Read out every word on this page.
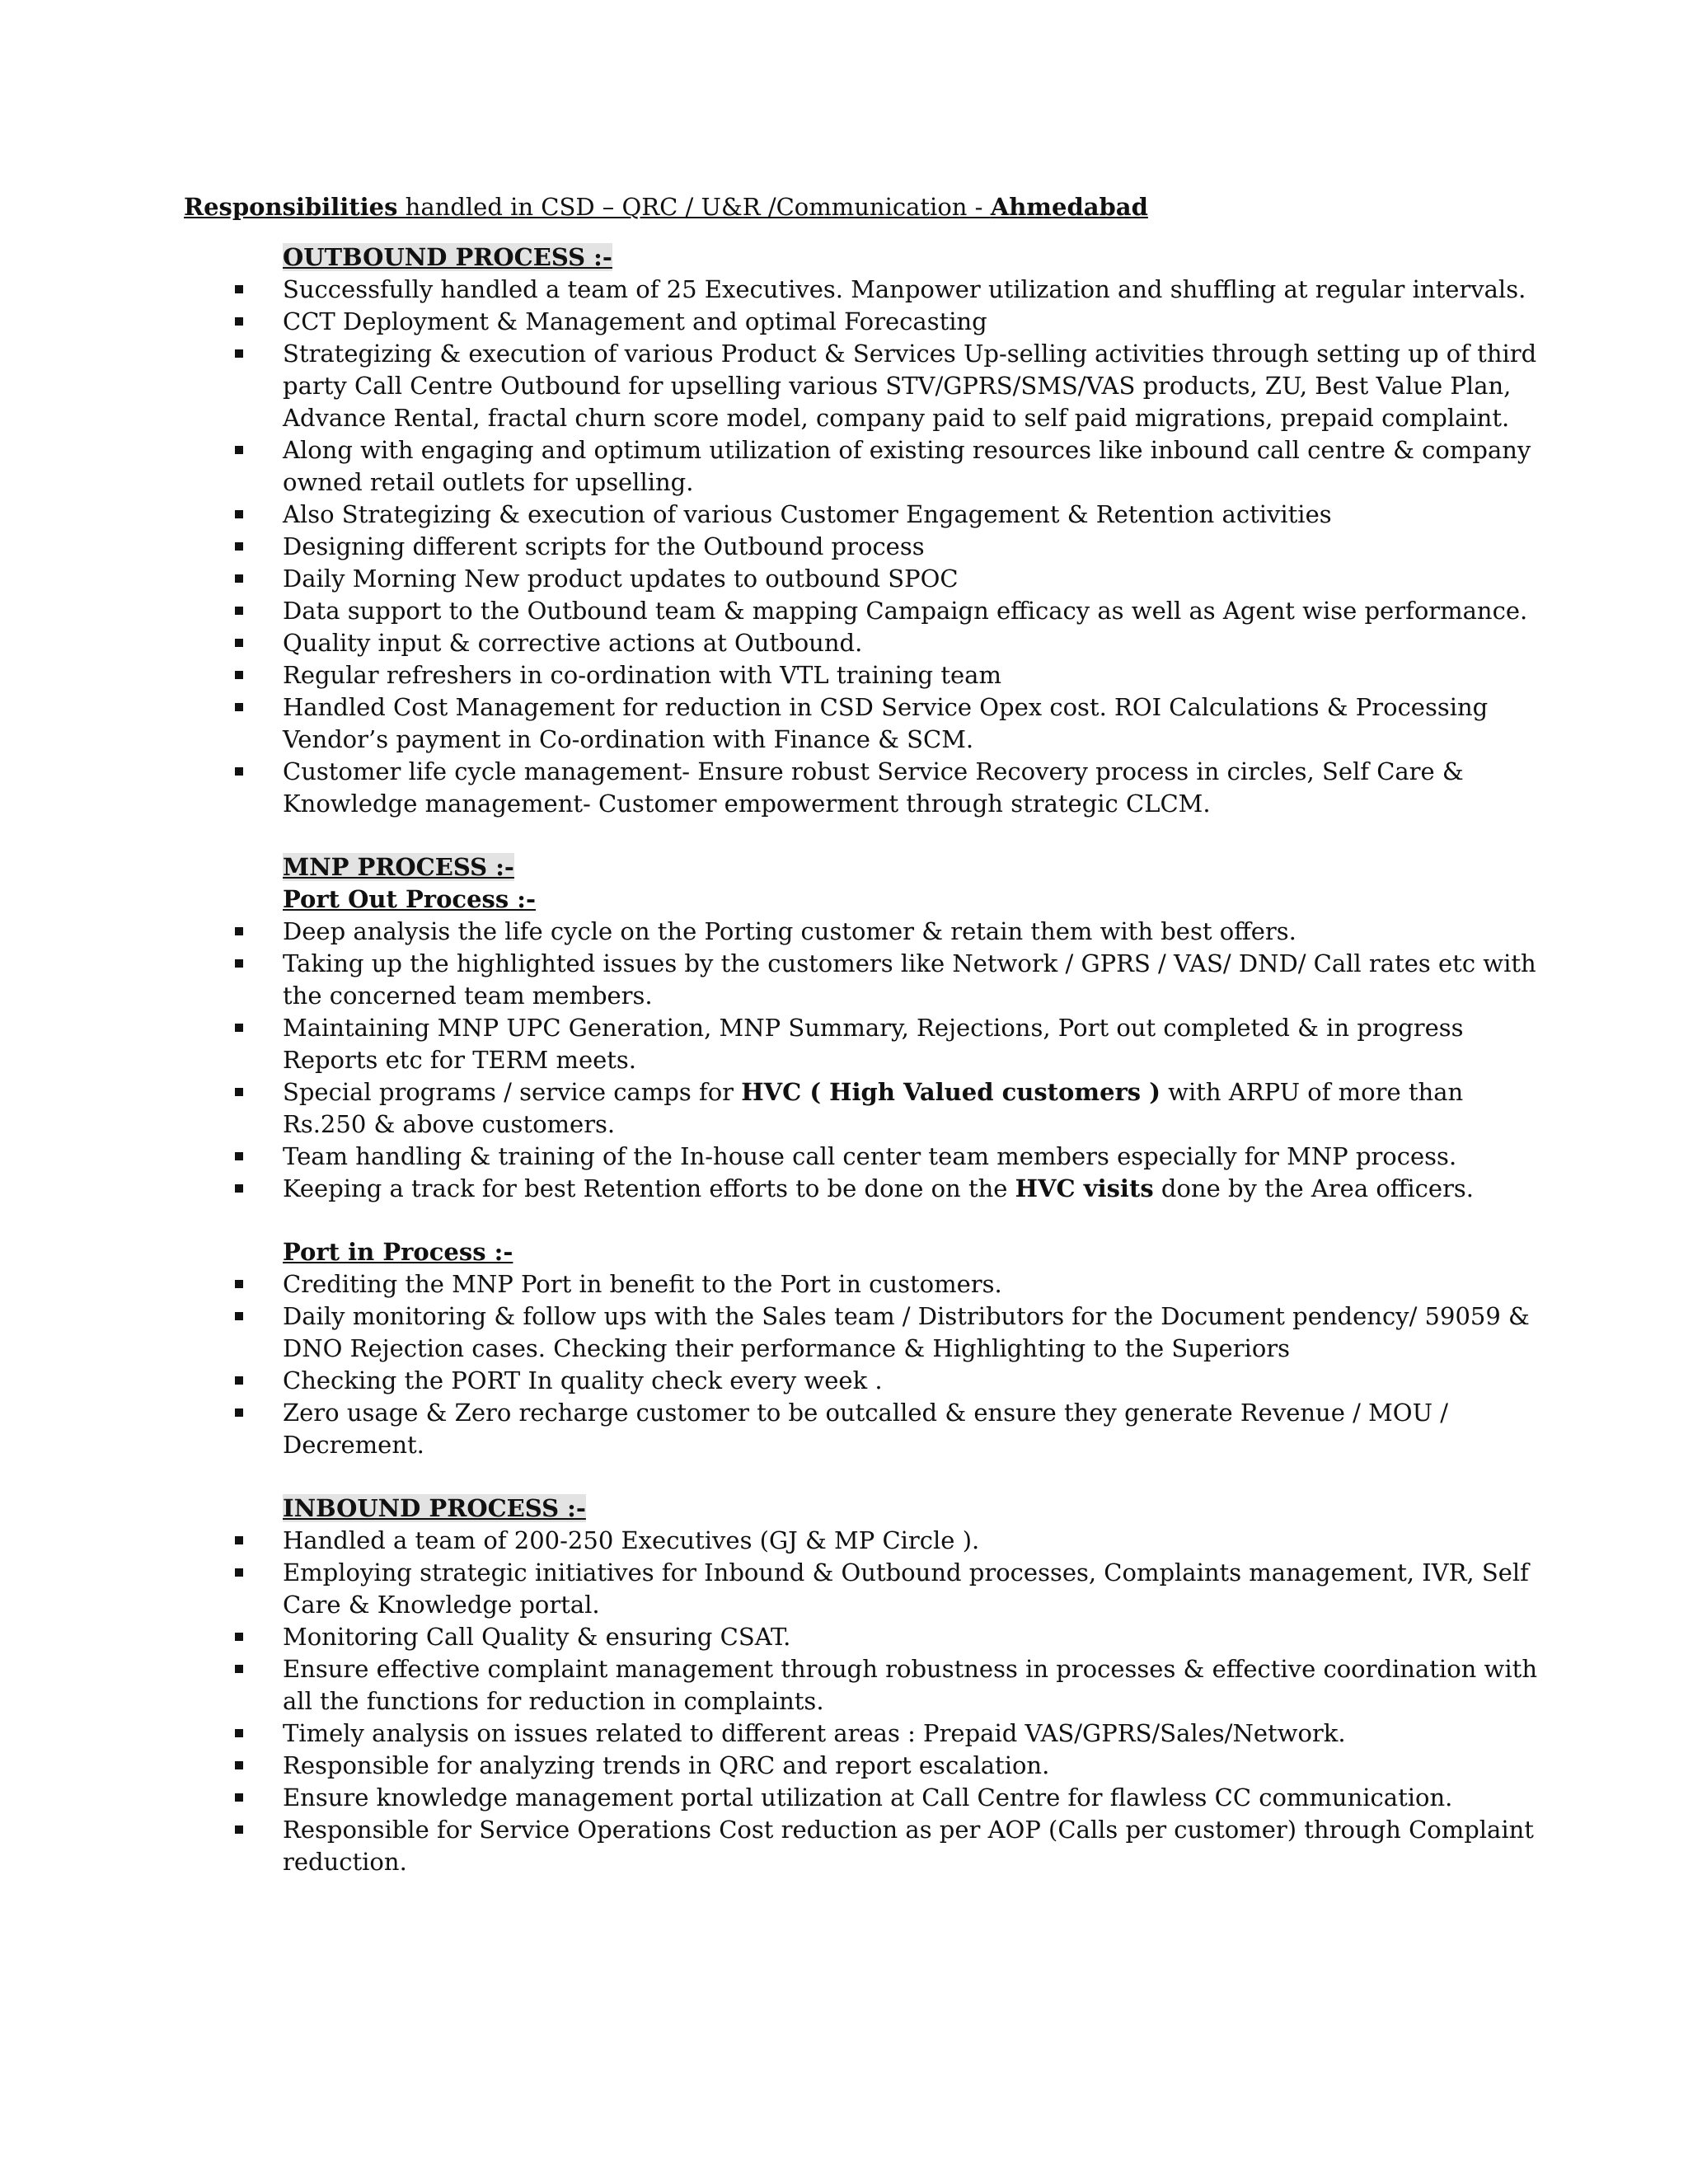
Responsibilities handled in CSD – QRC / U&R /Communication - Ahmedabad
OUTBOUND PROCESS :-
Successfully handled a team of 25 Executives. Manpower utilization and shuffling at regular intervals.
CCT Deployment & Management and optimal Forecasting
Strategizing & execution of various Product & Services Up-selling activities through setting up of third party Call Centre Outbound for upselling various STV/GPRS/SMS/VAS products, ZU, Best Value Plan, Advance Rental, fractal churn score model, company paid to self paid migrations, prepaid complaint.
Along with engaging and optimum utilization of existing resources like inbound call centre & company owned retail outlets for upselling.
Also Strategizing & execution of various Customer Engagement & Retention activities
Designing different scripts for the Outbound process
Daily Morning New product updates to outbound SPOC
Data support to the Outbound team & mapping Campaign efficacy as well as Agent wise performance.
Quality input & corrective actions at Outbound.
Regular refreshers in co-ordination with VTL training team
Handled Cost Management for reduction in CSD Service Opex cost. ROI Calculations & Processing Vendor’s payment in Co-ordination with Finance & SCM.
Customer life cycle management- Ensure robust Service Recovery process in circles, Self Care & Knowledge management- Customer empowerment through strategic CLCM.
MNP PROCESS :-
Port Out Process :-
Deep analysis the life cycle on the Porting customer & retain them with best offers.
Taking up the highlighted issues by the customers like Network / GPRS / VAS/ DND/ Call rates etc with the concerned team members.
Maintaining MNP UPC Generation, MNP Summary, Rejections, Port out completed & in progress Reports etc for TERM meets.
Special programs / service camps for HVC ( High Valued customers ) with ARPU of more than Rs.250 & above customers.
Team handling & training of the In-house call center team members especially for MNP process.
Keeping a track for best Retention efforts to be done on the HVC visits done by the Area officers.
Port in Process :-
Crediting the MNP Port in benefit to the Port in customers.
Daily monitoring & follow ups with the Sales team / Distributors for the Document pendency/ 59059 & DNO Rejection cases. Checking their performance & Highlighting to the Superiors
Checking the PORT In quality check every week .
Zero usage & Zero recharge customer to be outcalled & ensure they generate Revenue / MOU / Decrement.
INBOUND PROCESS :-
Handled a team of 200-250 Executives (GJ & MP Circle ).
Employing strategic initiatives for Inbound & Outbound processes, Complaints management, IVR, Self Care & Knowledge portal.
Monitoring Call Quality & ensuring CSAT.
Ensure effective complaint management through robustness in processes & effective coordination with all the functions for reduction in complaints.
Timely analysis on issues related to different areas : Prepaid VAS/GPRS/Sales/Network.
Responsible for analyzing trends in QRC and report escalation.
Ensure knowledge management portal utilization at Call Centre for flawless CC communication.
Responsible for Service Operations Cost reduction as per AOP (Calls per customer) through Complaint reduction.
